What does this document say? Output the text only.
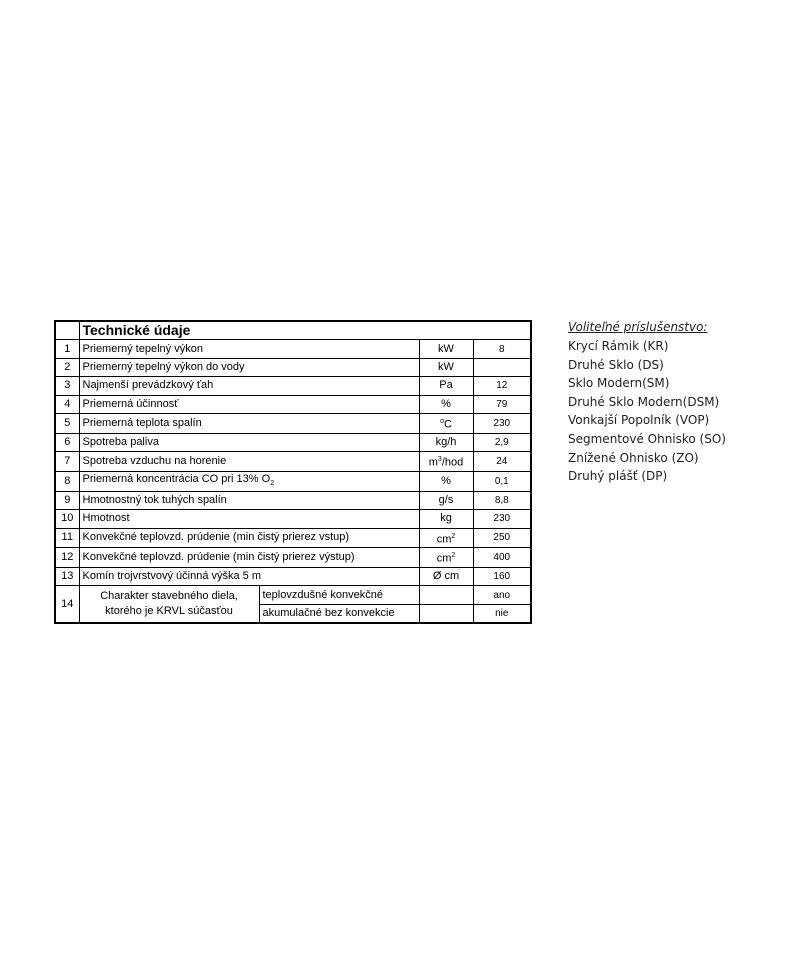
	Technické údaje			
1	Priemerný tepelný výkon		kW	8
2	Priemerný tepelný výkon do vody		kW	
3	Najmenší prevádzkový ťah		Pa	12
4	Priemerná účinnosť		%	79
5	Priemerná teplota spalín		$^o$C	230
6	Spotreba paliva		kg/h	2,9
7	Spotreba vzduchu na horenie		$m^3$/hod	24
8	Priemerná koncentrácia CO pri 13% $O_2$		%	0,1
9	Hmotnostný tok tuhých spalín		g/s	8,8
10	Hmotnost		kg	230
11	Konvekčné teplovzd. prúdenie (min čistý prierez vstup)		$cm^2$	250
12	Konvekčné teplovzd. prúdenie (min čistý prierez výstup)		$cm^2$	400
13	Komín trojvrstvový účinná výška 5 m		Ø cm	160
14	Charakter stavebného diela,
ktorého je KRVL súčasťou	teplovzdušné konvekčné		ano
		akumulačné bez konvekcie		nie
Voliteľné príslušenstvo:
Krycí Rámik (KR)
Druhé Sklo (DS)
Sklo Modern(SM)
Druhé Sklo Modern(DSM)
Vonkajší Popolník (VOP)
Segmentové Ohnisko (SO)
Znížené Ohnisko (ZO)
Druhý plášť (DP)
